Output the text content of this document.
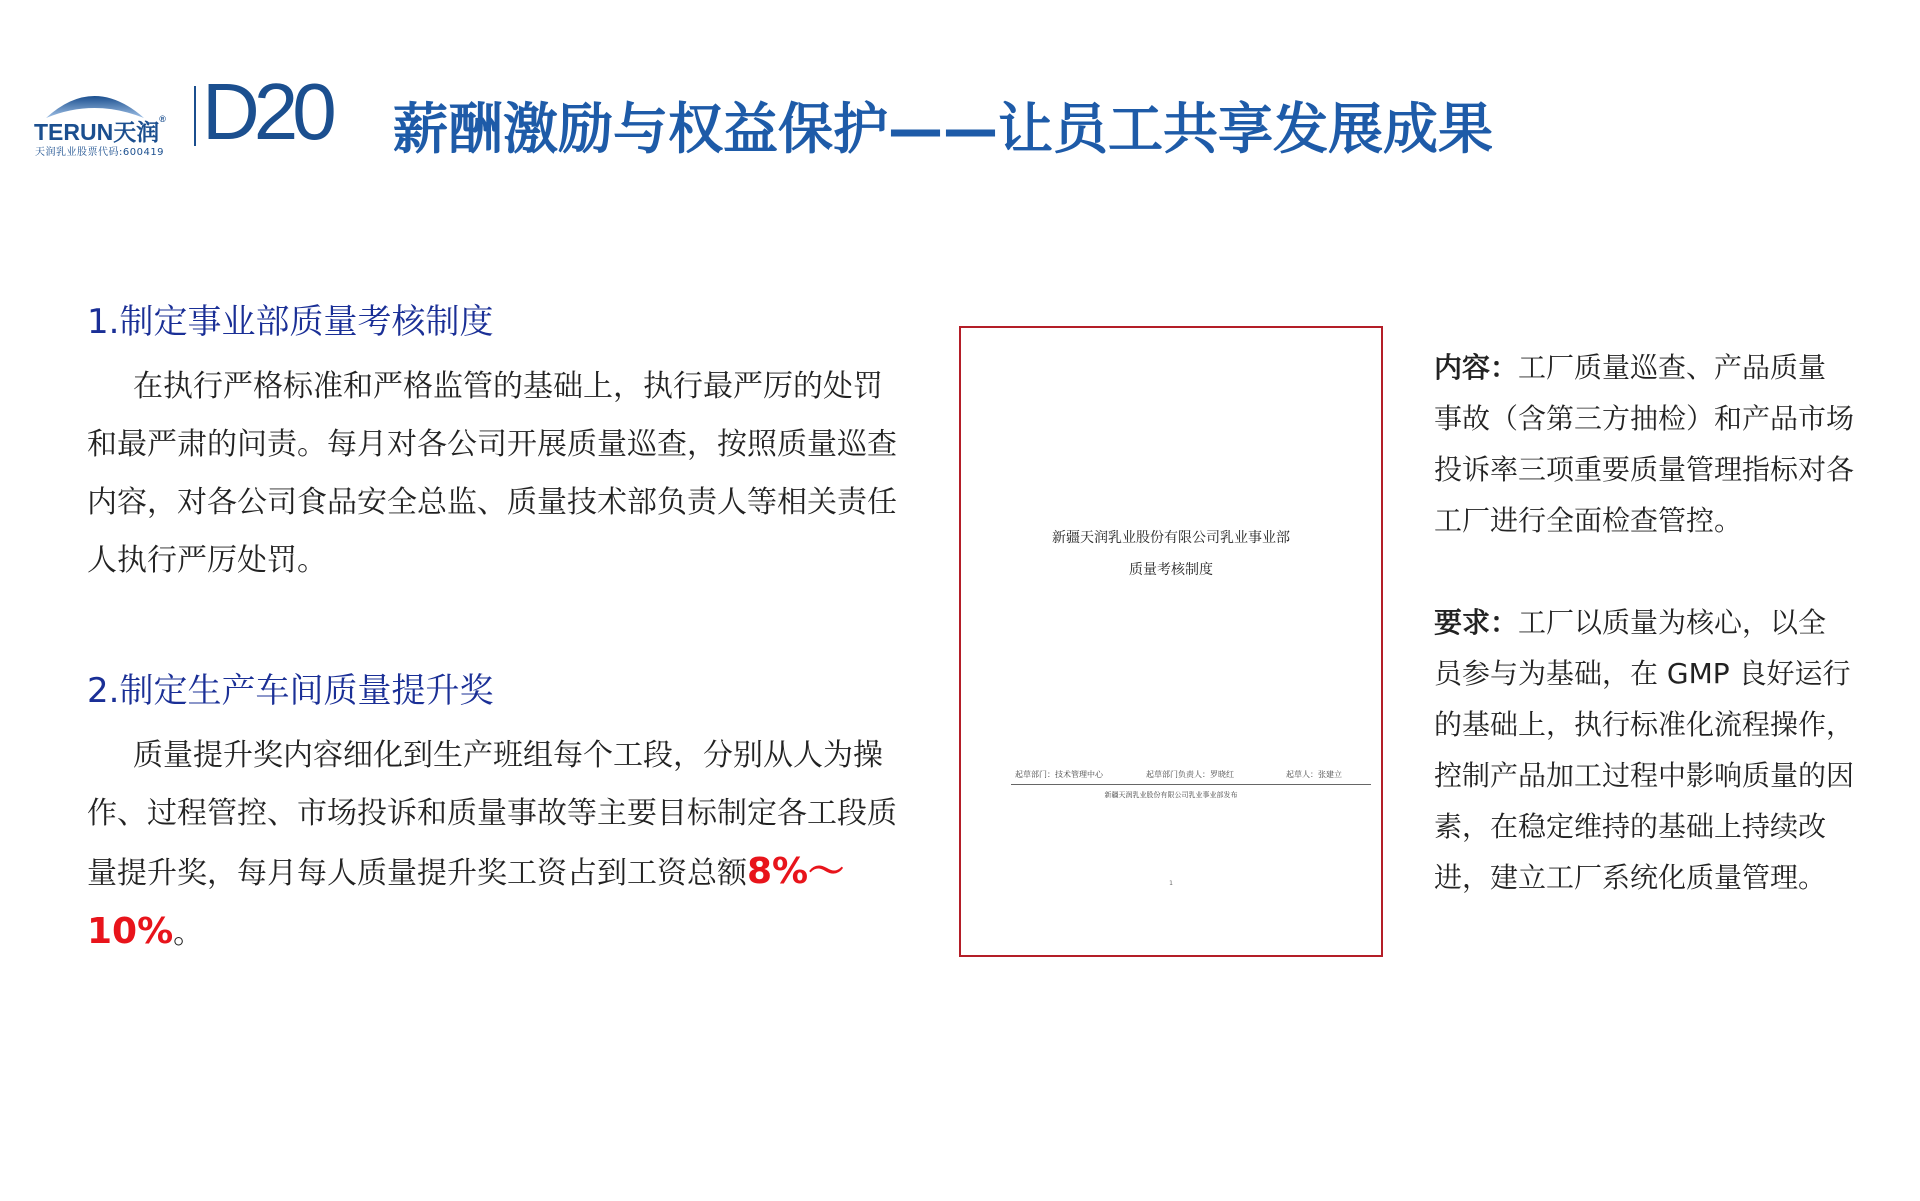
TERUN天润®
天润乳业股票代码:600419 D20 薪酬激励与权益保护——让员工共享发展成果
1.制定事业部质量考核制度
在执行严格标准和严格监管的基础上，执行最严厉的处罚和最严肃的问责。每月对各公司开展质量巡查，按照质量巡查内容，对各公司食品安全总监、质量技术部负责人等相关责任人执行严厉处罚。
2.制定生产车间质量提升奖
质量提升奖内容细化到生产班组每个工段，分别从人为操作、过程管控、市场投诉和质量事故等主要目标制定各工段质量提升奖，每月每人质量提升奖工资占到工资总额8%～10%。
新疆天润乳业股份有限公司乳业事业部
质量考核制度
起草部门：技术管理中心	起草部门负责人：罗晓红	起草人：张建立
新疆天润乳业股份有限公司乳业事业部发布
1
内容：工厂质量巡查、产品质量事故（含第三方抽检）和产品市场投诉率三项重要质量管理指标对各工厂进行全面检查管控。
要求：工厂以质量为核心，以全员参与为基础，在 GMP 良好运行的基础上，执行标准化流程操作，控制产品加工过程中影响质量的因素，在稳定维持的基础上持续改进，建立工厂系统化质量管理。
